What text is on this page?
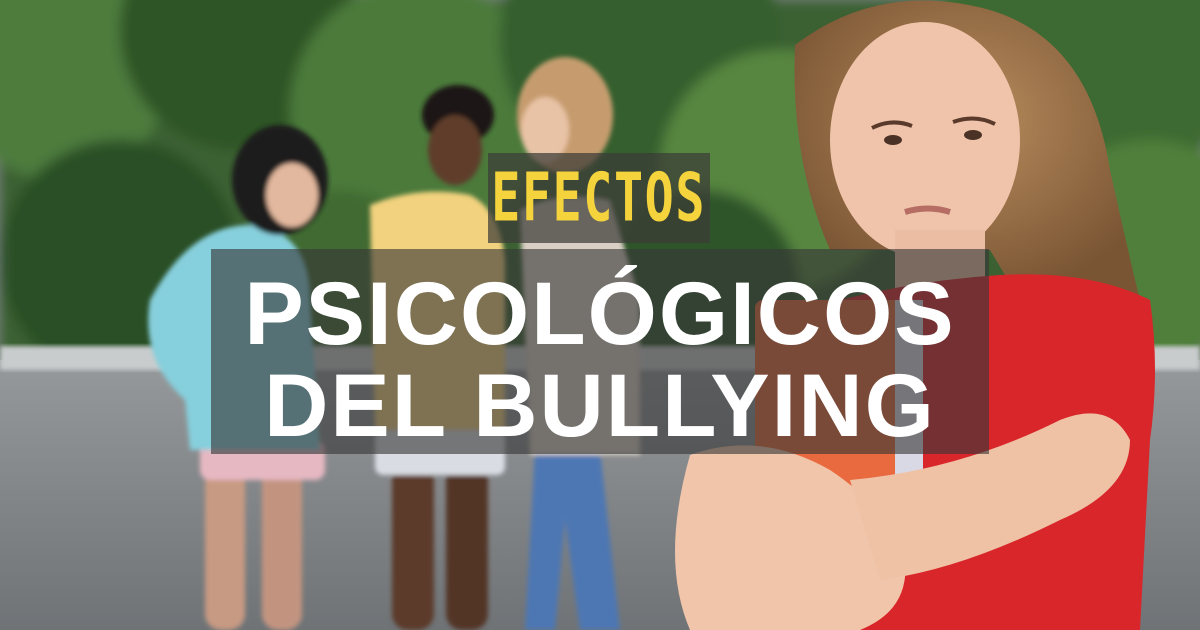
EFECTOS
PSICOLÓGICOS
DEL BULLYING
